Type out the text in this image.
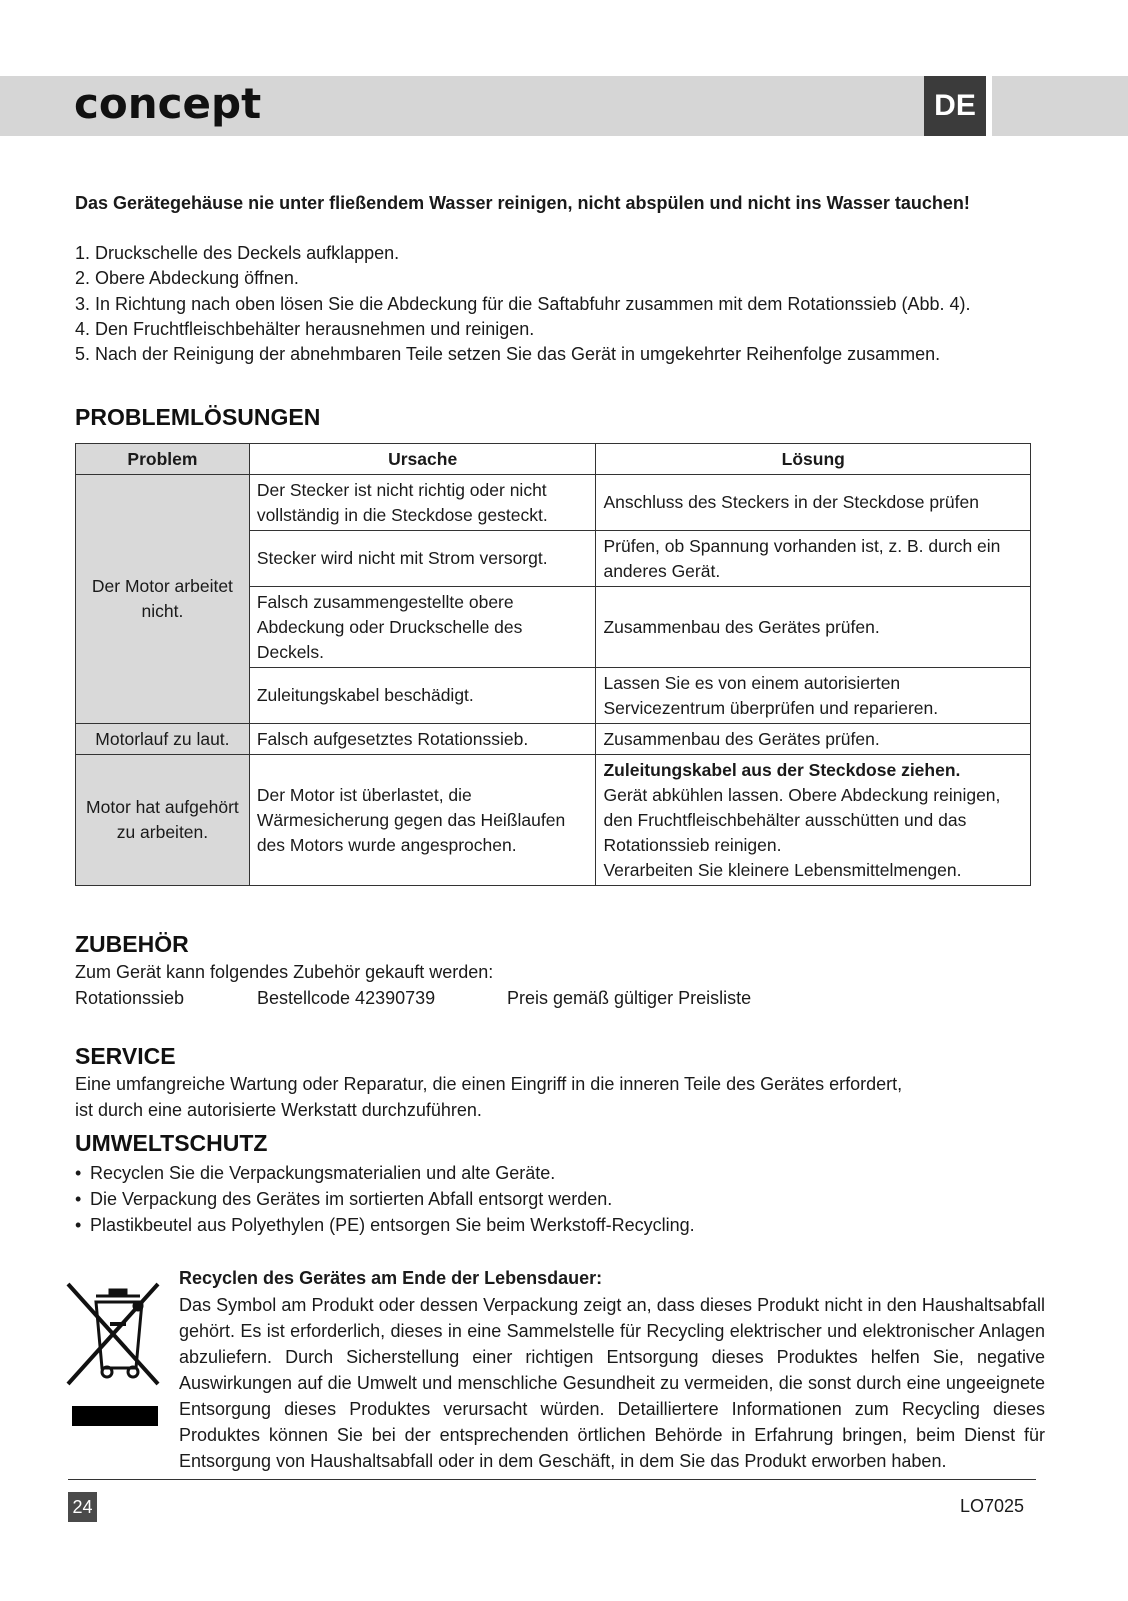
concept	DE
Das Gerätegehäuse nie unter fließendem Wasser reinigen, nicht abspülen und nicht ins Wasser tauchen!
1. Druckschelle des Deckels aufklappen.
2. Obere Abdeckung öffnen.
3. In Richtung nach oben lösen Sie die Abdeckung für die Saftabfuhr zusammen mit dem Rotationssieb (Abb. 4).
4. Den Fruchtfleischbehälter herausnehmen und reinigen.
5. Nach der Reinigung der abnehmbaren Teile setzen Sie das Gerät in umgekehrter Reihenfolge zusammen.
PROBLEMLÖSUNGEN
Problem	Ursache	Lösung
Der Motor arbeitet nicht.	Der Stecker ist nicht richtig oder nicht vollständig in die Steckdose gesteckt.	Anschluss des Steckers in der Steckdose prüfen
	Stecker wird nicht mit Strom versorgt.	Prüfen, ob Spannung vorhanden ist, z. B. durch ein anderes Gerät.
	Falsch zusammengestellte obere Abdeckung oder Druckschelle des Deckels.	Zusammenbau des Gerätes prüfen.
	Zuleitungskabel beschädigt.	Lassen Sie es von einem autorisierten Servicezentrum überprüfen und reparieren.
Motorlauf zu laut.	Falsch aufgesetztes Rotationssieb.	Zusammenbau des Gerätes prüfen.
Motor hat aufgehört zu arbeiten.	Der Motor ist überlastet, die Wärmesicherung gegen das Heißlaufen des Motors wurde angesprochen.	Zuleitungskabel aus der Steckdose ziehen.
Gerät abkühlen lassen. Obere Abdeckung reinigen, den Fruchtfleischbehälter ausschütten und das Rotationssieb reinigen.
Verarbeiten Sie kleinere Lebensmittelmengen.
ZUBEHÖR
Zum Gerät kann folgendes Zubehör gekauft werden:
Rotationssieb	Bestellcode 42390739	Preis gemäß gültiger Preisliste
SERVICE
Eine umfangreiche Wartung oder Reparatur, die einen Eingriff in die inneren Teile des Gerätes erfordert,
ist durch eine autorisierte Werkstatt durchzuführen.
UMWELTSCHUTZ
• Recyclen Sie die Verpackungsmaterialien und alte Geräte.
• Die Verpackung des Gerätes im sortierten Abfall entsorgt werden.
• Plastikbeutel aus Polyethylen (PE) entsorgen Sie beim Werkstoff-Recycling.
Recyclen des Gerätes am Ende der Lebensdauer:
Das Symbol am Produkt oder dessen Verpackung zeigt an, dass dieses Produkt nicht in den Haushaltsabfall gehört. Es ist erforderlich, dieses in eine Sammelstelle für Recycling elektrischer und elektronischer Anlagen abzuliefern. Durch Sicherstellung einer richtigen Entsorgung dieses Produktes helfen Sie, negative Auswirkungen auf die Umwelt und menschliche Gesundheit zu vermeiden, die sonst durch eine ungeeignete Entsorgung dieses Produktes verursacht würden. Detailliertere Informationen zum Recycling dieses Produktes können Sie bei der entsprechenden örtlichen Behörde in Erfahrung bringen, beim Dienst für Entsorgung von Haushaltsabfall oder in dem Geschäft, in dem Sie das Produkt erworben haben.
24	LO7025
